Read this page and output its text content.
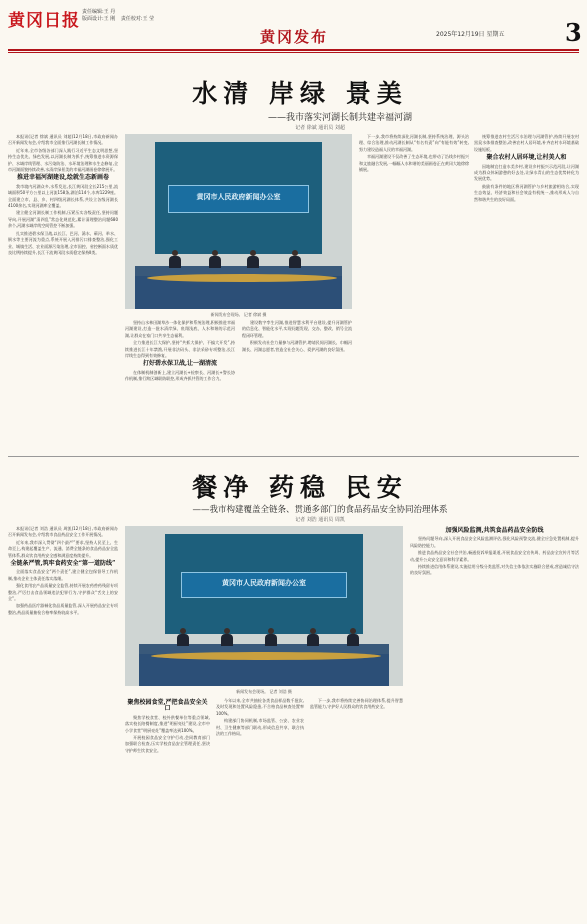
黄冈日报 责任编辑:王 丹
版面设计:王 刚 责任校对:王 莹
黄冈发布	2025年12月19日 星期五	3
水清 岸绿 景美
——我市落实河湖长制共建幸福河湖
记者 徐斌 通讯员 刘超

本报讯(记者 徐斌 通讯员 刘超)12月18日,市政府新闻办召开新闻发布会,介绍我市全面推行河湖长制工作情况。

近年来,全市各级各部门深入践行习近平生态文明思想,坚持生态优先、绿色发展,以河湖长制为抓手,统筹推进水资源保护、水域岸线管理、水污染防治、水环境治理和水生态修复,全市河湖面貌持续改善,水清岸绿景美的幸福河湖画卷徐徐展开。

推进幸福河湖建设,绘就生态新画卷

我市境内河湖众多,水系发达,长江黄冈段全长215公里,流域面积50平方公里以上河流158条,湖泊114个,水库1229座。全面建立市、县、乡、村四级河湖长体系,共设立各级河湖长4100余名,实现河湖库全覆盖。

建立健全河湖长制工作机制,压紧压实各级责任,坚持问题导向,开展河湖“清四乱”常态化规范化,累计清理整治问题680余个,河湖水域岸线空间管控不断加强。

扎实推进碧水保卫战,以长江、巴河、浠水、蕲河、举水、倒水等主要河流为重点,系统开展入河排污口排查整治,强化工业、城镇生活、农业面源污染治理,全市国控、省控断面水质优良比例持续提升,长江干流黄冈段水质稳定保持Ⅱ类。

黄冈市人民政府新闻办公室
新闻发布会现场。 记者 徐斌 摄

坚持山水林田湖草沙一体化保护和系统治理,积极推进幸福河湖建设,打造一批水清岸绿、鱼翔浅底、人水和谐的示范河湖,让群众在家门口共享生态福利。

全力推进长江大保护,坚持“共抓大保护、不搞大开发”,持续推进长江十年禁渔,开展非法码头、非法采砂专项整治,长江岸线生态得到有效修复。

打好碧水保卫战,让一湖清流

在体制机制创新上,建立河湖长+检察长、河湖长+警长协作机制,推行跨区域联防联控,形成齐抓共管的工作合力。

建设数字孪生河湖,推进智慧水利平台建设,提升河湖管护的信息化、智能化水平,实现问题发现、交办、整改、销号全流程闭环管理。

积极发动社会力量参与河湖管护,聘请民间河湖长、巾帼河湖长、河湖志愿者,营造全社会关心、爱护河湖的良好氛围。

下一步,我市将持续深化河湖长制,坚持系统治理、源头治理、综合治理,推动河湖长制从“有名有责”向“有能有效”转变,努力建设造福人民的幸福河湖。

幸福河湖建设不仅改善了生态环境,也带动了沿线乡村振兴和文旅融合发展,一幅幅人水和谐的美丽画卷正在黄冈大地徐徐铺展。

统筹推进农村生活污水治理与河湖管护,持续开展农村黑臭水体排查整治,改善农村人居环境,补齐农村水环境基础设施短板。

聚合农村人居环境,让村美人和

因地制宜打造水美乡村,建设乡村振兴示范河段,让河湖成为群众休闲游憩的好去处,让绿水青山的生态优势转化为发展优势。

鼓励有条件的地区将河湖管护与乡村旅游相结合,实现生态效益、经济效益和社会效益有机统一,推动形成人与自然和谐共生的良好局面。

餐净 药稳 民安
——我市构建覆盖全链条、贯通多部门的食品药品安全协同治理体系
记者 刘浩 通讯员 周凯

本报讯(记者 刘浩 通讯员 周凯)12月18日,市政府新闻办召开新闻发布会,介绍我市食品药品安全工作开展情况。

近年来,我市深入贯彻“四个最严”要求,坚持人民至上、生命至上,构建起覆盖生产、流通、消费全链条的食品药品安全监管体系,群众饮食用药安全感和满意度持续提升。

全链条严管,筑牢食药安全“第一道防线”

全面落实食品安全“两个责任”,建立健全包保督导工作机制,推动企业主体责任落实落细。

强化食用农产品质量安全监管,持续开展农药兽药残留专项整治,严厉打击食品领域违法犯罪行为,守护群众“舌尖上的安全”。

加强药品医疗器械化妆品质量监管,深入开展药品安全专项整治,药品质量抽检合格率保持较高水平。

黄冈市人民政府新闻办公室
新闻发布会现场。 记者 刘浩 摄
聚焦校园食堂,严把食品安全关口

聚焦学校食堂、校外供餐单位等重点领域,落实校长陪餐制度,推进“明厨亮灶”建设,全市中小学食堂“明厨亮灶”覆盖率达到100%。

开展校园食品安全守护行动,会同教育部门加强联合检查,压实学校食品安全管理责任,坚决守护师生饮食安全。

今年以来,全市共抽检各类食品样品数千批次,及时发现和处置风险隐患,不合格食品核查处置率100%。

构建部门协同机制,市场监管、公安、农业农村、卫生健康等部门联动,形成信息共享、联合执法的工作格局。

下一步,我市将持续完善协同治理体系,提升智慧监管能力,守护好人民群众的饮食用药安全。

加强风险监测,共筑食品药品安全防线

坚持问题导向,深入开展食品安全风险监测评估,强化风险预警交流,健全应急处置机制,提升风险防控能力。

推进食品药品安全社会共治,畅通投诉举报渠道,开展食品安全宣传周、药品安全宣传月等活动,提升公众安全意识和科学素养。

持续推进信用体系建设,实施信用分级分类监管,对失信主体依法实施联合惩戒,营造诚信守法的良好氛围。
